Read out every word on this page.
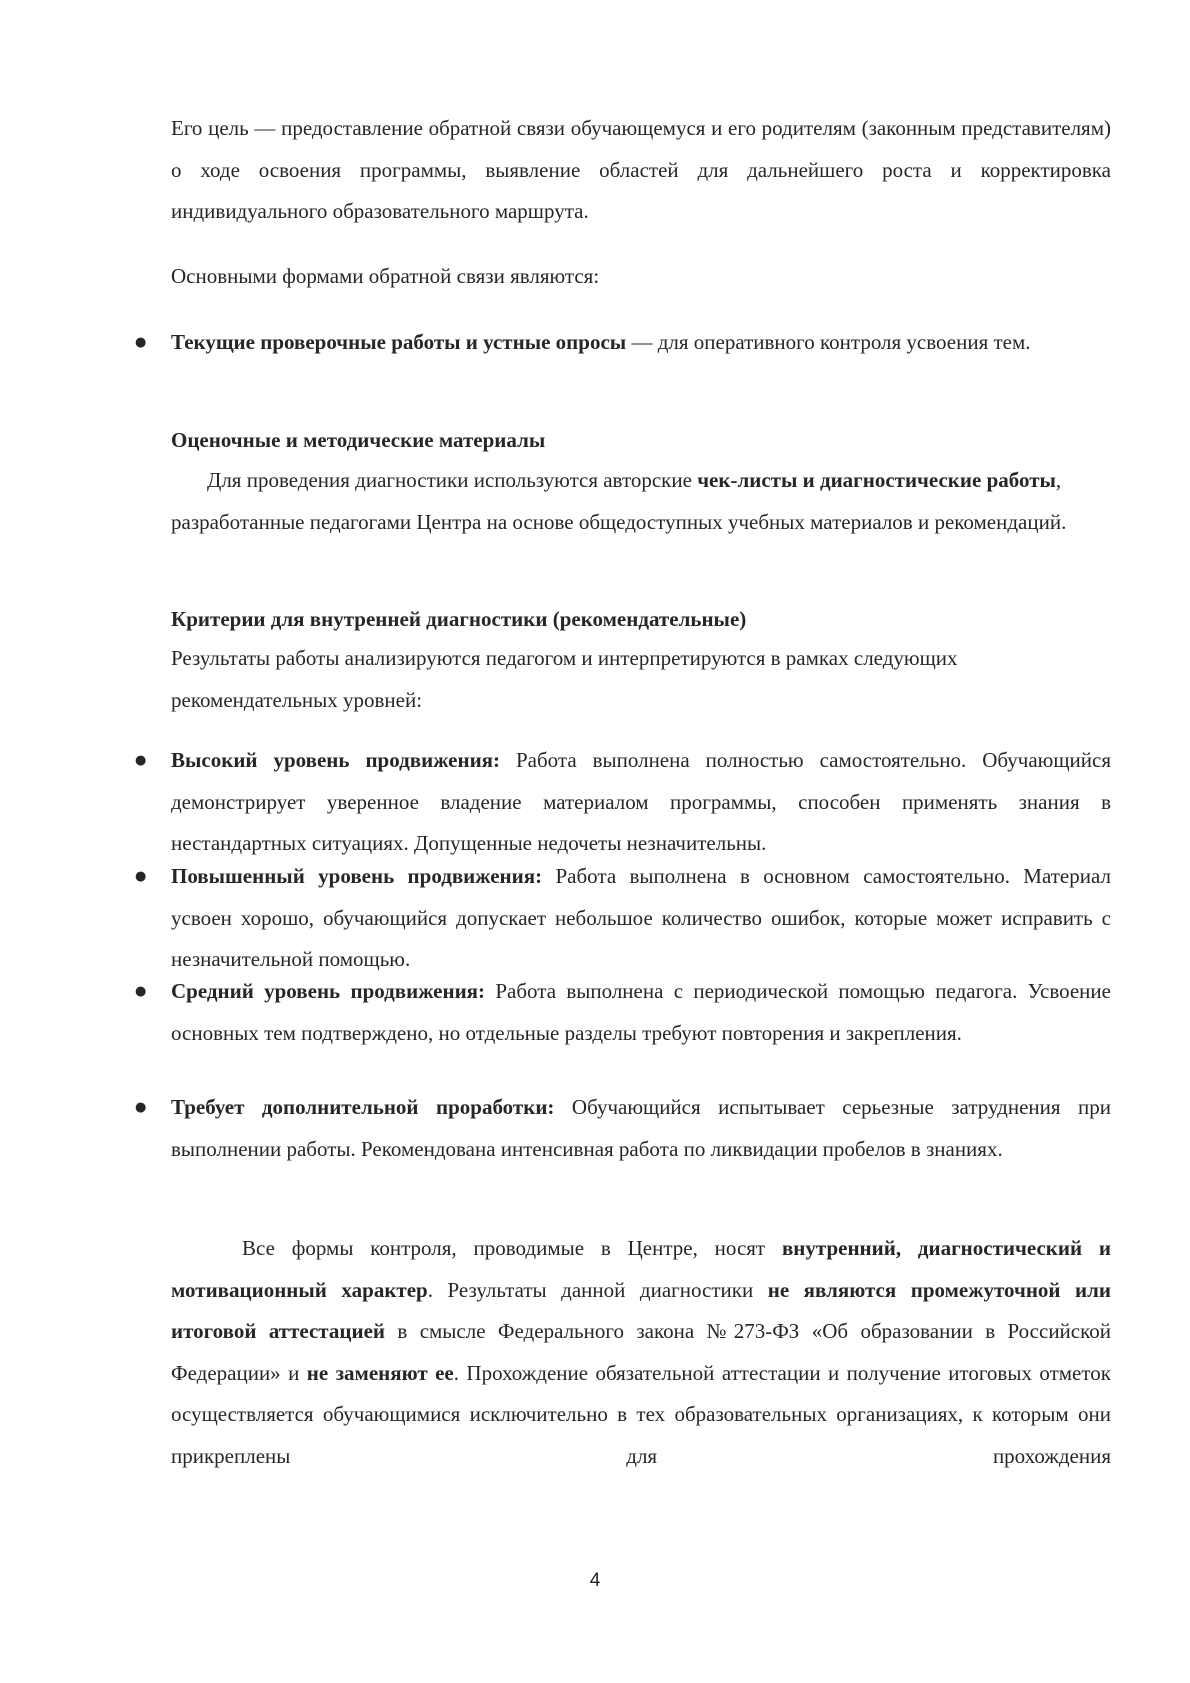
Его цель — предоставление обратной связи обучающемуся и его родителям (законным представителям) о ходе освоения программы, выявление областей для дальнейшего роста и корректировка индивидуального образовательного маршрута.

Основными формами обратной связи являются:

● Текущие проверочные работы и устные опросы — для оперативного контроля усвоения тем.

Оценочные и методические материалы

Для проведения диагностики используются авторские чек-листы и диагностические работы, разработанные педагогами Центра на основе общедоступных учебных материалов и рекомендаций.

Критерии для внутренней диагностики (рекомендательные)

Результаты работы анализируются педагогом и интерпретируются в рамках следующих рекомендательных уровней:

● Высокий уровень продвижения: Работа выполнена полностью самостоятельно. Обучающийся демонстрирует уверенное владение материалом программы, способен применять знания в нестандартных ситуациях. Допущенные недочеты незначительны.
● Повышенный уровень продвижения: Работа выполнена в основном самостоятельно. Материал усвоен хорошо, обучающийся допускает небольшое количество ошибок, которые может исправить с незначительной помощью.
● Средний уровень продвижения: Работа выполнена с периодической помощью педагога. Усвоение основных тем подтверждено, но отдельные разделы требуют повторения и закрепления.
● Требует дополнительной проработки: Обучающийся испытывает серьезные затруднения при выполнении работы. Рекомендована интенсивная работа по ликвидации пробелов в знаниях.

Все формы контроля, проводимые в Центре, носят внутренний, диагностический и мотивационный характер. Результаты данной диагностики не являются промежуточной или итоговой аттестацией в смысле Федерального закона №273-ФЗ «Об образовании в Российской Федерации» и не заменяют ее. Прохождение обязательной аттестации и получение итоговых отметок осуществляется обучающимися исключительно в тех образовательных организациях, к которым они прикреплены для прохождения

4
